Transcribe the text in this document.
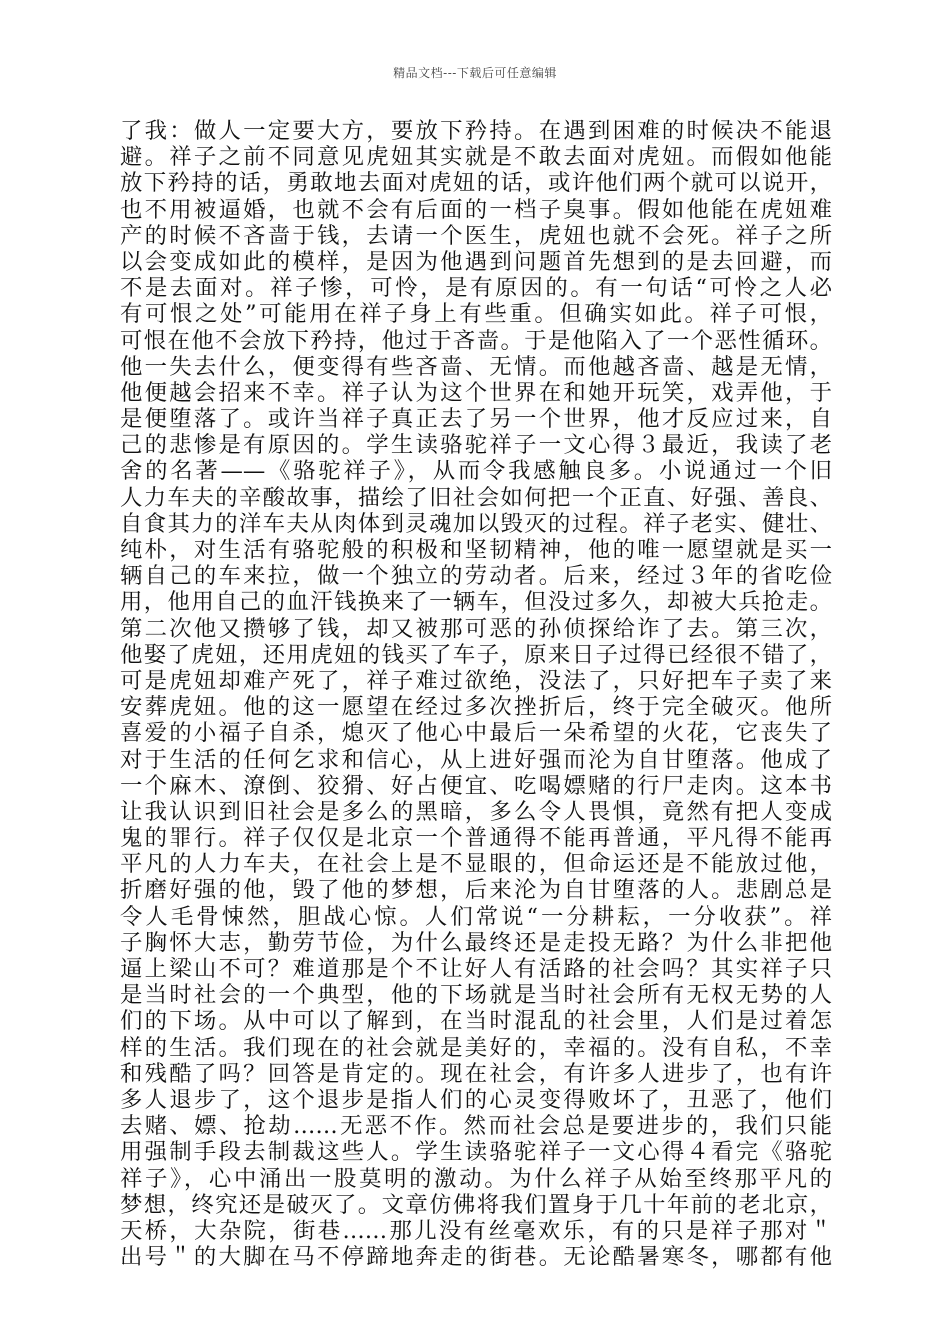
精品文档---下载后可任意编辑
了我：做人一定要大方，要放下矜持。在遇到困难的时候决不能退
避。祥子之前不同意见虎妞其实就是不敢去面对虎妞。而假如他能
放下矜持的话，勇敢地去面对虎妞的话，或许他们两个就可以说开，
也不用被逼婚，也就不会有后面的一档子臭事。假如他能在虎妞难
产的时候不吝啬于钱，去请一个医生，虎妞也就不会死。祥子之所
以会变成如此的模样，是因为他遇到问题首先想到的是去回避，而
不是去面对。祥子惨，可怜，是有原因的。有一句话“可怜之人必
有可恨之处”可能用在祥子身上有些重。但确实如此。祥子可恨，
可恨在他不会放下矜持，他过于吝啬。于是他陷入了一个恶性循环。
他一失去什么，便变得有些吝啬、无情。而他越吝啬、越是无情，
他便越会招来不幸。祥子认为这个世界在和她开玩笑，戏弄他，于
是便堕落了。或许当祥子真正去了另一个世界，他才反应过来，自
己的悲惨是有原因的。学生读骆驼祥子一文心得３最近，我读了老
舍的名著——《骆驼祥子》，从而令我感触良多。小说通过一个旧
人力车夫的辛酸故事，描绘了旧社会如何把一个正直、好强、善良、
自食其力的洋车夫从肉体到灵魂加以毁灭的过程。祥子老实、健壮、
纯朴，对生活有骆驼般的积极和坚韧精神，他的唯一愿望就是买一
辆自己的车来拉，做一个独立的劳动者。后来，经过３年的省吃俭
用，他用自己的血汗钱换来了一辆车，但没过多久，却被大兵抢走。
第二次他又攒够了钱，却又被那可恶的孙侦探给诈了去。第三次，
他娶了虎妞，还用虎妞的钱买了车子，原来日子过得已经很不错了，
可是虎妞却难产死了，祥子难过欲绝，没法了，只好把车子卖了来
安葬虎妞。他的这一愿望在经过多次挫折后，终于完全破灭。他所
喜爱的小福子自杀，熄灭了他心中最后一朵希望的火花，它丧失了
对于生活的任何乞求和信心，从上进好强而沦为自甘堕落。他成了
一个麻木、潦倒、狡猾、好占便宜、吃喝嫖赌的行尸走肉。这本书
让我认识到旧社会是多么的黑暗，多么令人畏惧，竟然有把人变成
鬼的罪行。祥子仅仅是北京一个普通得不能再普通，平凡得不能再
平凡的人力车夫，在社会上是不显眼的，但命运还是不能放过他，
折磨好强的他，毁了他的梦想，后来沦为自甘堕落的人。悲剧总是
令人毛骨悚然，胆战心惊。人们常说“一分耕耘，一分收获”。祥
子胸怀大志，勤劳节俭，为什么最终还是走投无路？为什么非把他
逼上梁山不可？难道那是个不让好人有活路的社会吗？其实祥子只
是当时社会的一个典型，他的下场就是当时社会所有无权无势的人
们的下场。从中可以了解到，在当时混乱的社会里，人们是过着怎
样的生活。我们现在的社会就是美好的，幸福的。没有自私，不幸
和残酷了吗？回答是肯定的。现在社会，有许多人进步了，也有许
多人退步了，这个退步是指人们的心灵变得败坏了，丑恶了，他们
去赌、嫖、抢劫……无恶不作。然而社会总是要进步的，我们只能
用强制手段去制裁这些人。学生读骆驼祥子一文心得４看完《骆驼
祥子》，心中涌出一股莫明的激动。为什么祥子从始至终那平凡的
梦想，终究还是破灭了。文章仿佛将我们置身于几十年前的老北京，
天桥，大杂院，街巷……那儿没有丝毫欢乐，有的只是祥子那对＂
出号＂的大脚在马不停蹄地奔走的街巷。无论酷暑寒冬，哪都有他
